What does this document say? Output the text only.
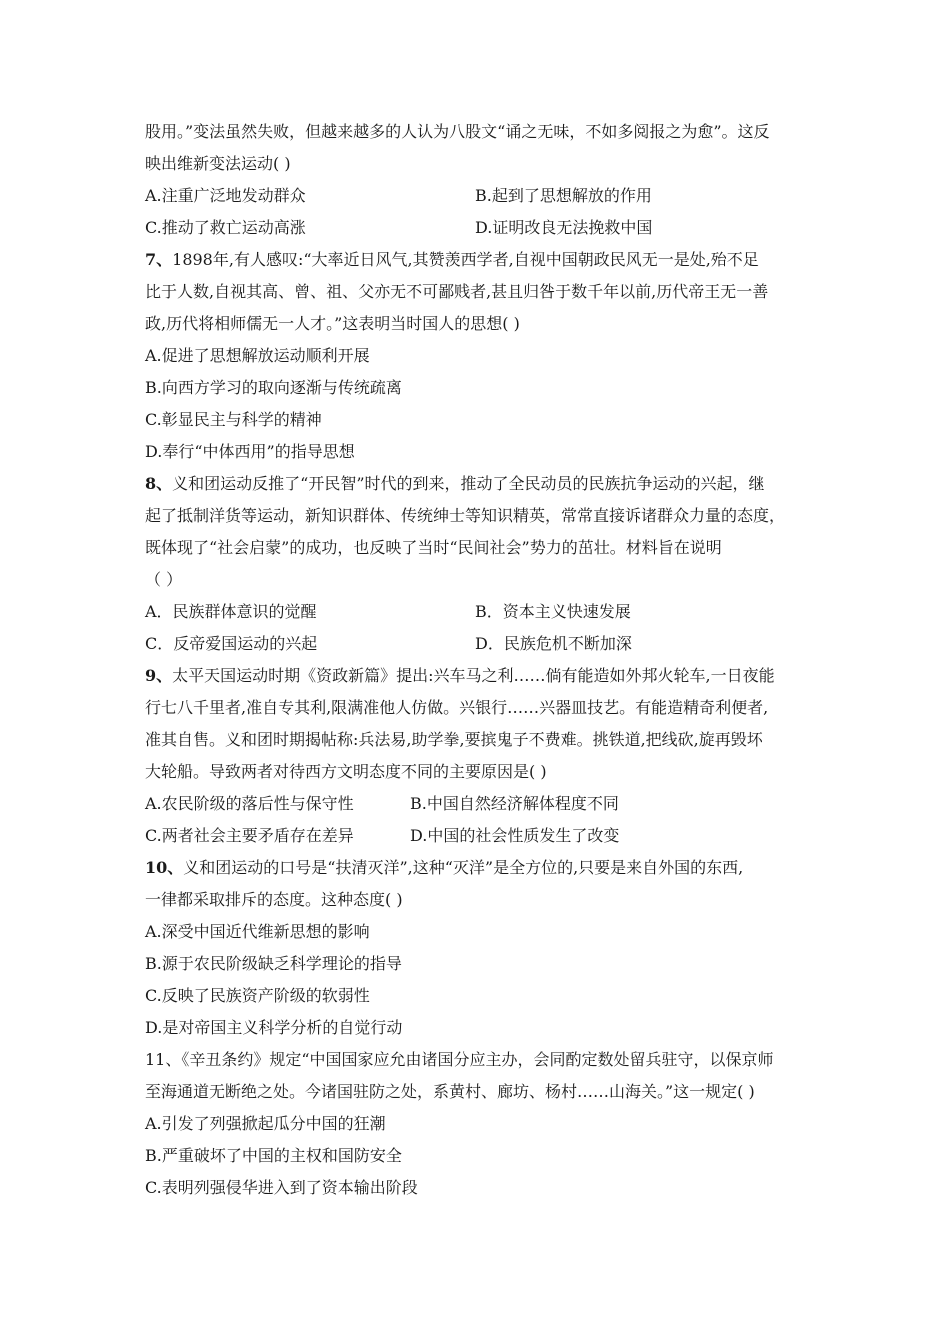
股用。”变法虽然失败，但越来越多的人认为八股文“诵之无味，不如多阅报之为愈”。这反
映出维新变法运动( )
A.注重广泛地发动群众	B.起到了思想解放的作用
C.推动了救亡运动高涨	D.证明改良无法挽救中国
7、1898年,有人感叹:“大率近日风气,其赞羡西学者,自视中国朝政民风无一是处,殆不足
比于人数,自视其高、曾、祖、父亦无不可鄙贱者,甚且归咎于数千年以前,历代帝王无一善
政,历代将相师儒无一人才。”这表明当时国人的思想( )
A.促进了思想解放运动顺利开展
B.向西方学习的取向逐渐与传统疏离
C.彰显民主与科学的精神
D.奉行“中体西用”的指导思想
8、义和团运动反推了“开民智”时代的到来，推动了全民动员的民族抗争运动的兴起，继
起了抵制洋货等运动，新知识群体、传统绅士等知识精英，常常直接诉诸群众力量的态度，
既体现了“社会启蒙”的成功，也反映了当时“民间社会”势力的茁壮。材料旨在说明
（ ）
A．民族群体意识的觉醒	B．资本主义快速发展
C．反帝爱国运动的兴起	D．民族危机不断加深
9、太平天国运动时期《资政新篇》提出:兴车马之利……倘有能造如外邦火轮车,一日夜能
行七八千里者,准自专其利,限满准他人仿做。兴银行……兴器皿技艺。有能造精奇利便者,
准其自售。义和团时期揭帖称:兵法易,助学拳,要摈鬼子不费难。挑铁道,把线砍,旋再毁坏
大轮船。导致两者对待西方文明态度不同的主要原因是( )
A.农民阶级的落后性与保守性	B.中国自然经济解体程度不同
C.两者社会主要矛盾存在差异	D.中国的社会性质发生了改变
10、义和团运动的口号是“扶清灭洋”,这种“灭洋”是全方位的,只要是来自外国的东西,
一律都采取排斥的态度。这种态度( )
A.深受中国近代维新思想的影响
B.源于农民阶级缺乏科学理论的指导
C.反映了民族资产阶级的软弱性
D.是对帝国主义科学分析的自觉行动
11、《辛丑条约》规定“中国国家应允由诸国分应主办，会同酌定数处留兵驻守，以保京师
至海通道无断绝之处。今诸国驻防之处，系黄村、廊坊、杨村……山海关。”这一规定( )
A.引发了列强掀起瓜分中国的狂潮
B.严重破坏了中国的主权和国防安全
C.表明列强侵华进入到了资本输出阶段
